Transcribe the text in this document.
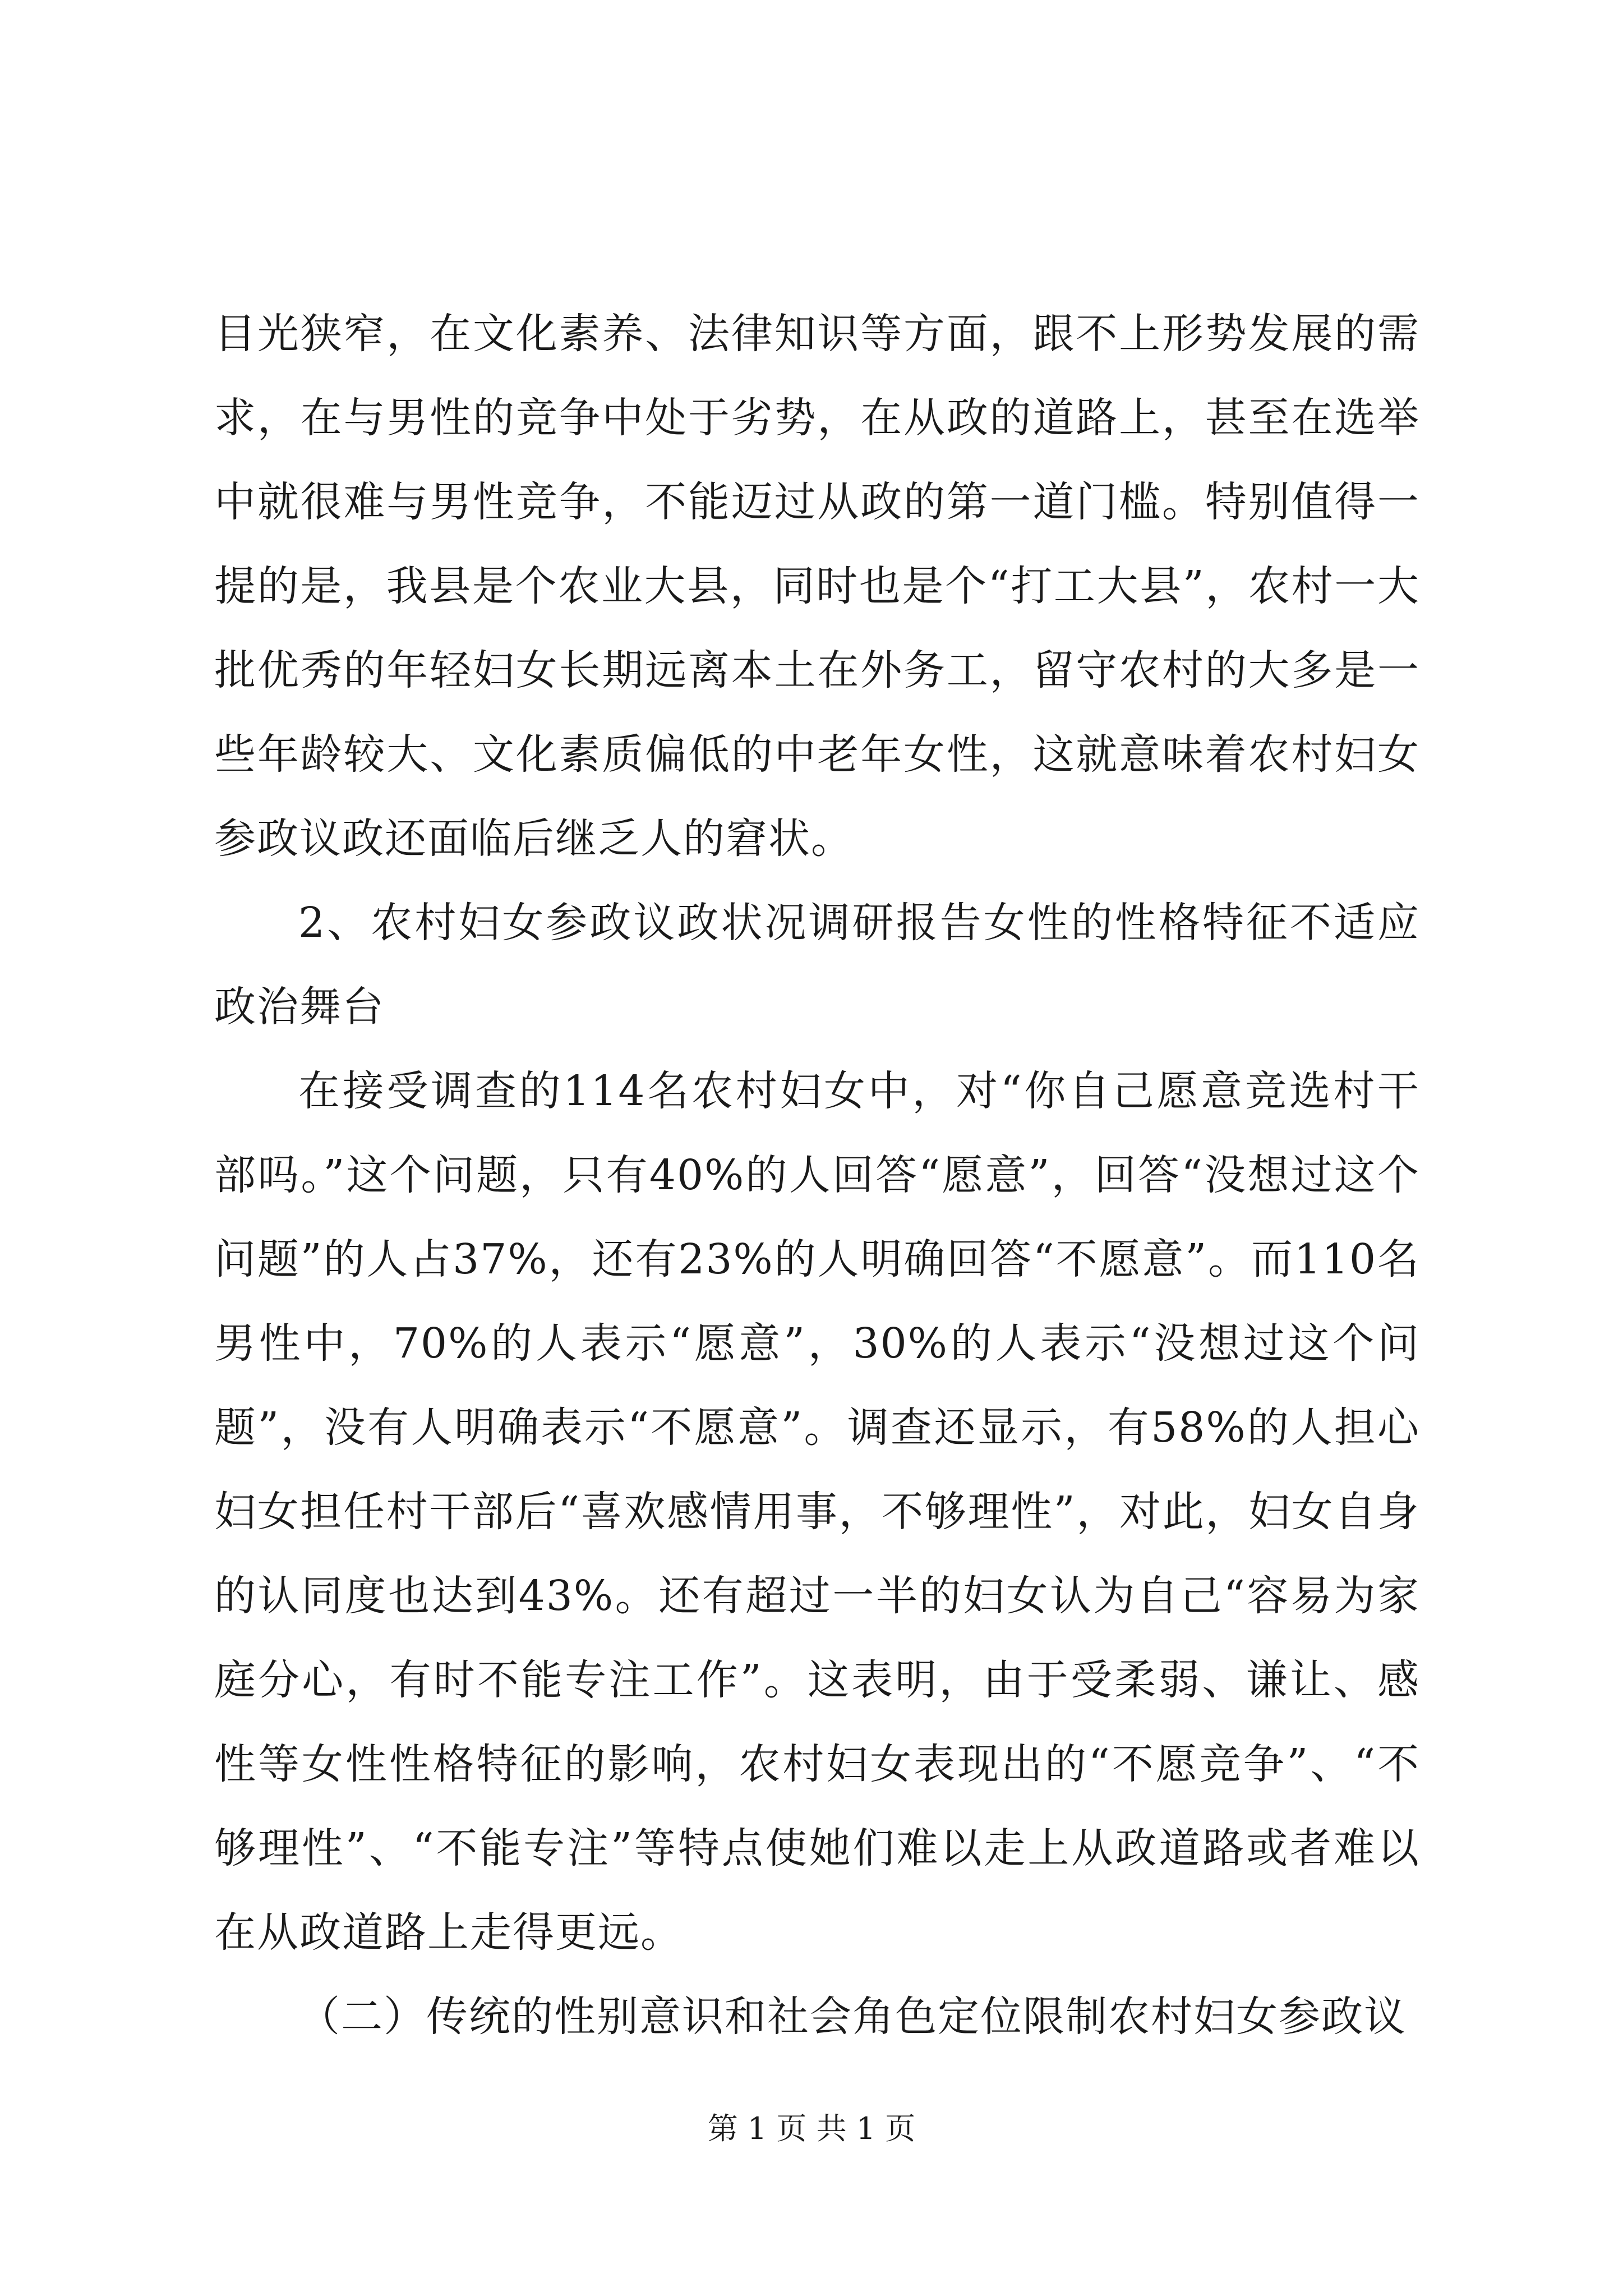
目光狭窄，在文化素养、法律知识等方面，跟不上形势发展的需求，在与男性的竞争中处于劣势，在从政的道路上，甚至在选举中就很难与男性竞争，不能迈过从政的第一道门槛。特别值得一提的是，我县是个农业大县，同时也是个“打工大县”，农村一大批优秀的年轻妇女长期远离本土在外务工，留守农村的大多是一些年龄较大、文化素质偏低的中老年女性，这就意味着农村妇女参政议政还面临后继乏人的窘状。

2、农村妇女参政议政状况调研报告女性的性格特征不适应政治舞台

在接受调查的114名农村妇女中，对“你自己愿意竞选村干部吗。”这个问题，只有40%的人回答“愿意”，回答“没想过这个问题”的人占37%，还有23%的人明确回答“不愿意”。而110名男性中，70%的人表示“愿意”，30%的人表示“没想过这个问题”，没有人明确表示“不愿意”。调查还显示，有58%的人担心妇女担任村干部后“喜欢感情用事，不够理性”，对此，妇女自身的认同度也达到43%。还有超过一半的妇女认为自己“容易为家庭分心，有时不能专注工作”。这表明，由于受柔弱、谦让、感性等女性性格特征的影响，农村妇女表现出的“不愿竞争”、“不够理性”、“不能专注”等特点使她们难以走上从政道路或者难以在从政道路上走得更远。

（二）传统的性别意识和社会角色定位限制农村妇女参政议

第 1 页 共 1 页
